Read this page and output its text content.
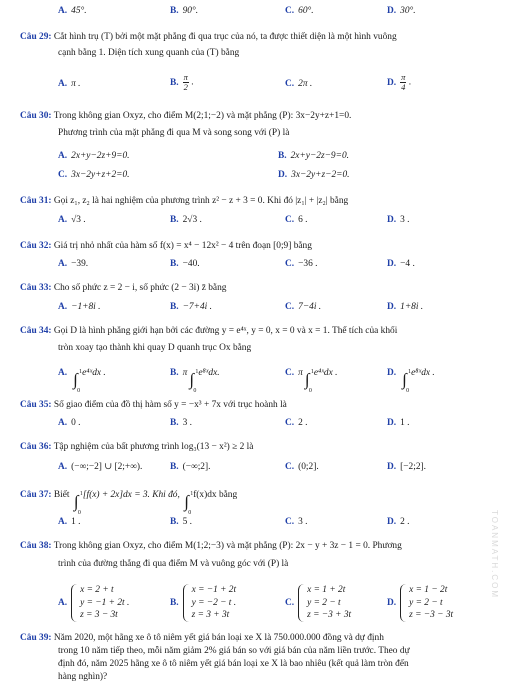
A. 45°.	B. 90°.	C. 60°.	D. 30°.
Câu 29: Cắt hình trụ (T) bởi một mặt phẳng đi qua trục của nó, ta được thiết diện là một hình vuông
cạnh bằng 1. Diện tích xung quanh của (T) bằng
A. π .	B. $\frac{\pi}{2}$ .	C. 2π .	D. $\frac{\pi}{4}$ .
Câu 30: Trong không gian Oxyz, cho điểm M(2;1;−2) và mặt phẳng (P): 3x−2y+z+1=0.
Phương trình của mặt phẳng đi qua M và song song với (P) là
A. 2x+y−2z+9=0.	B. 2x+y−2z−9=0.
C. 3x−2y+z+2=0.	D. 3x−2y+z−2=0.
Câu 31: Gọi z₁, z₂ là hai nghiệm của phương trình z² − z + 3 = 0. Khi đó |z₁| + |z₂| bằng
A. √3 .	B. 2√3 .	C. 6 .	D. 3 .
Câu 32: Giá trị nhỏ nhất của hàm số f(x) = x⁴ − 12x² − 4 trên đoạn [0;9] bằng
A. −39.	B. −40.	C. −36 .	D. −4 .
Câu 33: Cho số phức z = 2 − i, số phức (2 − 3i) z̄ bằng
A. −1+8i .	B. −7+4i .	C. 7−4i .	D. 1+8i .
Câu 34: Gọi D là hình phẳng giới hạn bởi các đường y = e⁴ˣ, y = 0, x = 0 và x = 1. Thể tích của khối
tròn xoay tạo thành khi quay D quanh trục Ox bằng
A. ∫ 1
0
e⁴ˣdx .	B. π ∫ 1
0
e⁸ˣdx.	C. π ∫ 1
0
e⁴ˣdx .	D. ∫ 1
0
e⁸ˣdx .
Câu 35: Số giao điểm của đồ thị hàm số y = −x³ + 7x với trục hoành là
A. 0 .	B. 3 .	C. 2 .	D. 1 .
Câu 36: Tập nghiệm của bất phương trình log₃(13 − x²) ≥ 2 là
A. (−∞;−2] ∪ [2;+∞).	B. (−∞;2].	C. (0;2].	D. [−2;2].
Câu 37: Biết ∫ 1
0
[f(x) + 2x]dx = 3. Khi đó, ∫ 1
0
f(x)dx bằng
A. 1 .	B. 5 .	C. 3 .	D. 2 .
Câu 38: Trong không gian Oxyz, cho điểm M(1;2;−3) và mặt phẳng (P): 2x − y + 3z − 1 = 0. Phương
trình của đường thẳng đi qua điểm M và vuông góc với (P) là
A.
x = 2 + t
y = −1 + 2t .
z = 3 − 3t
B.
x = −1 + 2t
y = −2 − t .
z = 3 + 3t
C.
x = 1 + 2t
y = 2 − t
z = −3 + 3t
D.
x = 1 − 2t
y = 2 − t
z = −3 − 3t
Câu 39: Năm 2020, một hãng xe ô tô niêm yết giá bán loại xe X là 750.000.000 đồng và dự định
trong 10 năm tiếp theo, mỗi năm giảm 2% giá bán so với giá bán của năm liền trước. Theo dự
định đó, năm 2025 hãng xe ô tô niêm yết giá bán loại xe X là bao nhiêu (kết quả làm tròn đến
hàng nghìn)?
TOANMATH.COM
